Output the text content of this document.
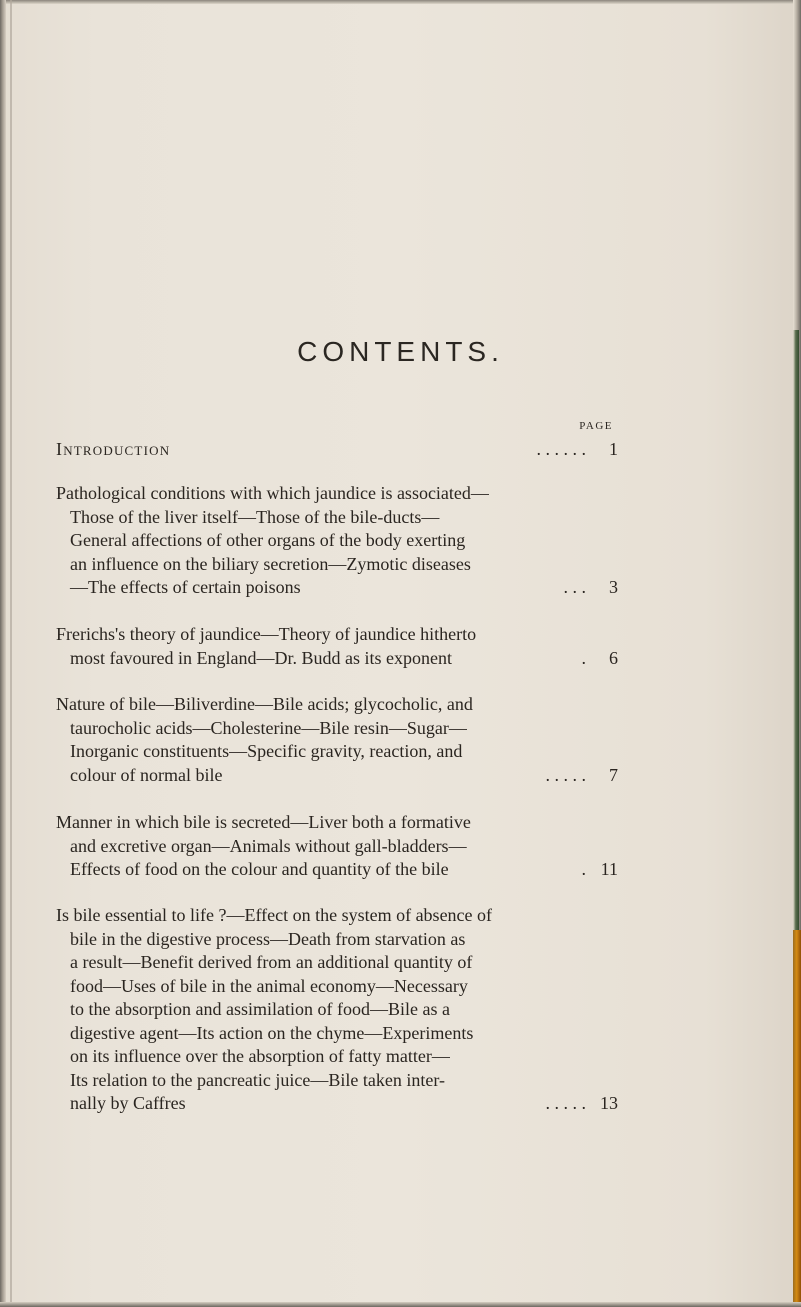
CONTENTS.
PAGE
Introduction	. . . . . .	1
Pathological conditions with which jaundice is associated—
Those of the liver itself—Those of the bile-ducts—
General affections of other organs of the body exerting
an influence on the biliary secretion—Zymotic diseases
—The effects of certain poisons	. . .	3
Frerichs's theory of jaundice—Theory of jaundice hitherto
most favoured in England—Dr. Budd as its exponent	.	6
Nature of bile—Biliverdine—Bile acids; glycocholic, and
taurocholic acids—Cholesterine—Bile resin—Sugar—
Inorganic constituents—Specific gravity, reaction, and
colour of normal bile	. . . . .	7
Manner in which bile is secreted—Liver both a formative
and excretive organ—Animals without gall-bladders—
Effects of food on the colour and quantity of the bile	. 11
Is bile essential to life ?—Effect on the system of absence of
bile in the digestive process—Death from starvation as
a result—Benefit derived from an additional quantity of
food—Uses of bile in the animal economy—Necessary
to the absorption and assimilation of food—Bile as a
digestive agent—Its action on the chyme—Experiments
on its influence over the absorption of fatty matter—
Its relation to the pancreatic juice—Bile taken inter-
nally by Caffres	. . . . . 13
